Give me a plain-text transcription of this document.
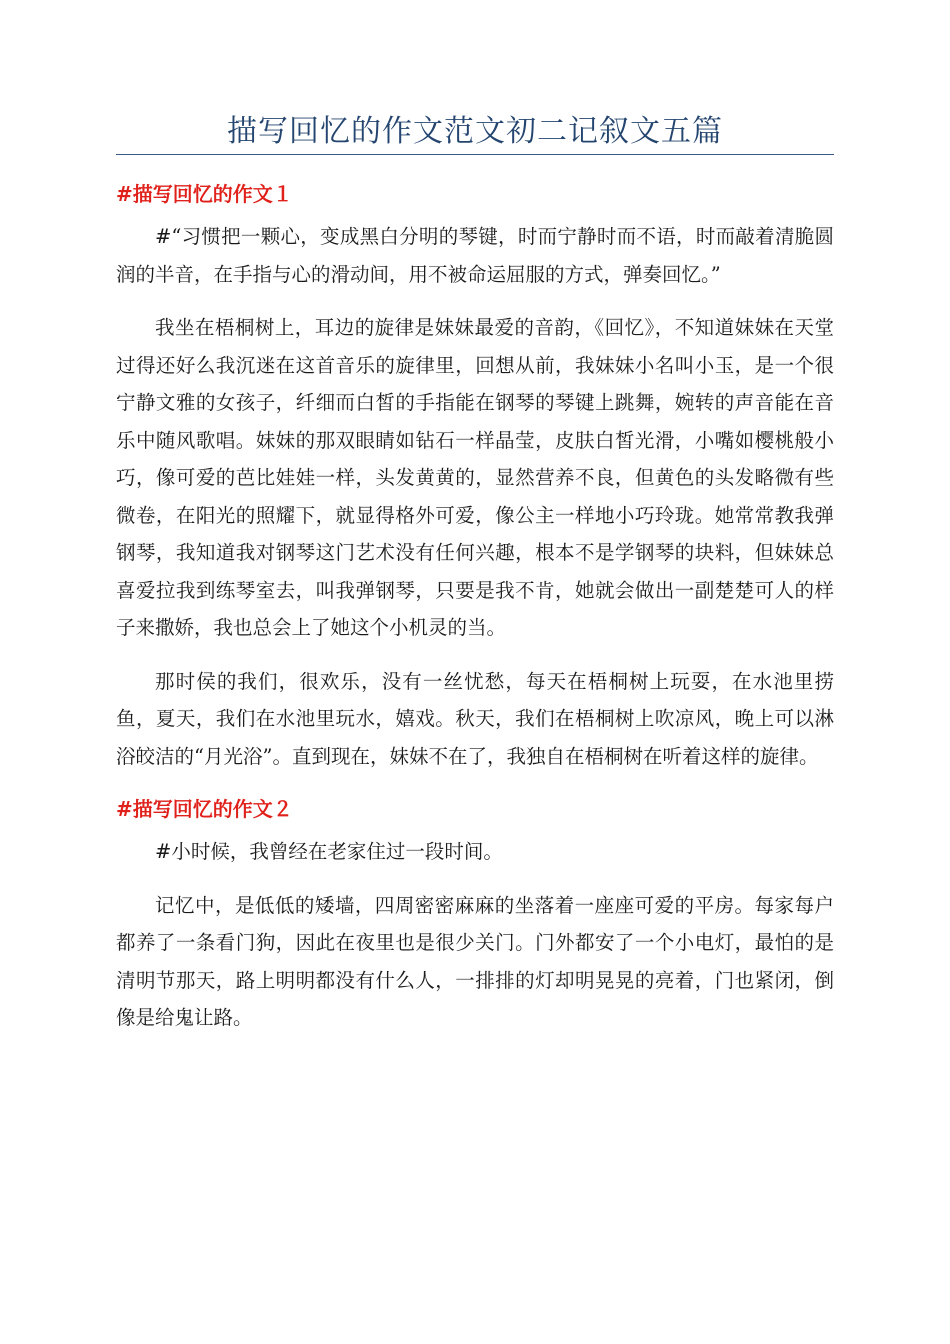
描写回忆的作文范文初二记叙文五篇
#描写回忆的作文１

#“习惯把一颗心，变成黑白分明的琴键，时而宁静时而不语，时而敲着清脆圆润的半音，在手指与心的滑动间，用不被命运屈服的方式，弹奏回忆。”

我坐在梧桐树上，耳边的旋律是妹妹最爱的音韵，《回忆》，不知道妹妹在天堂过得还好么我沉迷在这首音乐的旋律里，回想从前，我妹妹小名叫小玉，是一个很宁静文雅的女孩子，纤细而白皙的手指能在钢琴的琴键上跳舞，婉转的声音能在音乐中随风歌唱。妹妹的那双眼睛如钻石一样晶莹，皮肤白皙光滑，小嘴如樱桃般小巧，像可爱的芭比娃娃一样，头发黄黄的，显然营养不良，但黄色的头发略微有些微卷，在阳光的照耀下，就显得格外可爱，像公主一样地小巧玲珑。她常常教我弹钢琴，我知道我对钢琴这门艺术没有任何兴趣，根本不是学钢琴的块料，但妹妹总喜爱拉我到练琴室去，叫我弹钢琴，只要是我不肯，她就会做出一副楚楚可人的样子来撒娇，我也总会上了她这个小机灵的当。

那时侯的我们，很欢乐，没有一丝忧愁，每天在梧桐树上玩耍，在水池里捞鱼，夏天，我们在水池里玩水，嬉戏。秋天，我们在梧桐树上吹凉风，晚上可以淋浴皎洁的“月光浴”。直到现在，妹妹不在了，我独自在梧桐树在听着这样的旋律。

#描写回忆的作文２

#小时候，我曾经在老家住过一段时间。

记忆中，是低低的矮墙，四周密密麻麻的坐落着一座座可爱的平房。每家每户都养了一条看门狗，因此在夜里也是很少关门。门外都安了一个小电灯，最怕的是清明节那天，路上明明都没有什么人，一排排的灯却明晃晃的亮着，门也紧闭，倒像是给鬼让路。
